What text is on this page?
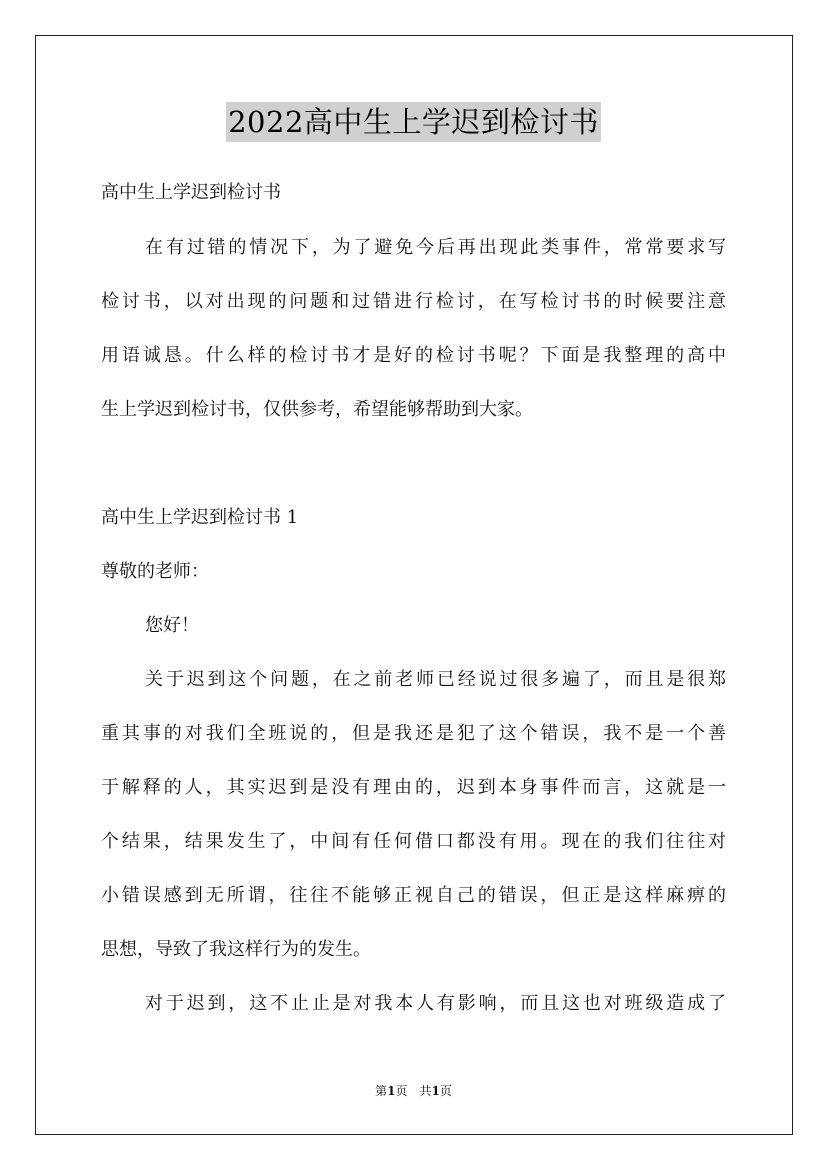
2022高中生上学迟到检讨书
高中生上学迟到检讨书
在有过错的情况下，为了避免今后再出现此类事件，常常要求写
检讨书，以对出现的问题和过错进行检讨，在写检讨书的时候要注意
用语诚恳。什么样的检讨书才是好的检讨书呢？下面是我整理的高中
生上学迟到检讨书，仅供参考，希望能够帮助到大家。
高中生上学迟到检讨书 1
尊敬的老师：
您好！
关于迟到这个问题，在之前老师已经说过很多遍了，而且是很郑
重其事的对我们全班说的，但是我还是犯了这个错误，我不是一个善
于解释的人，其实迟到是没有理由的，迟到本身事件而言，这就是一
个结果，结果发生了，中间有任何借口都没有用。现在的我们往往对
小错误感到无所谓，往往不能够正视自己的错误，但正是这样麻痹的
思想，导致了我这样行为的发生。
对于迟到，这不止止是对我本人有影响，而且这也对班级造成了
第1页　共1页
